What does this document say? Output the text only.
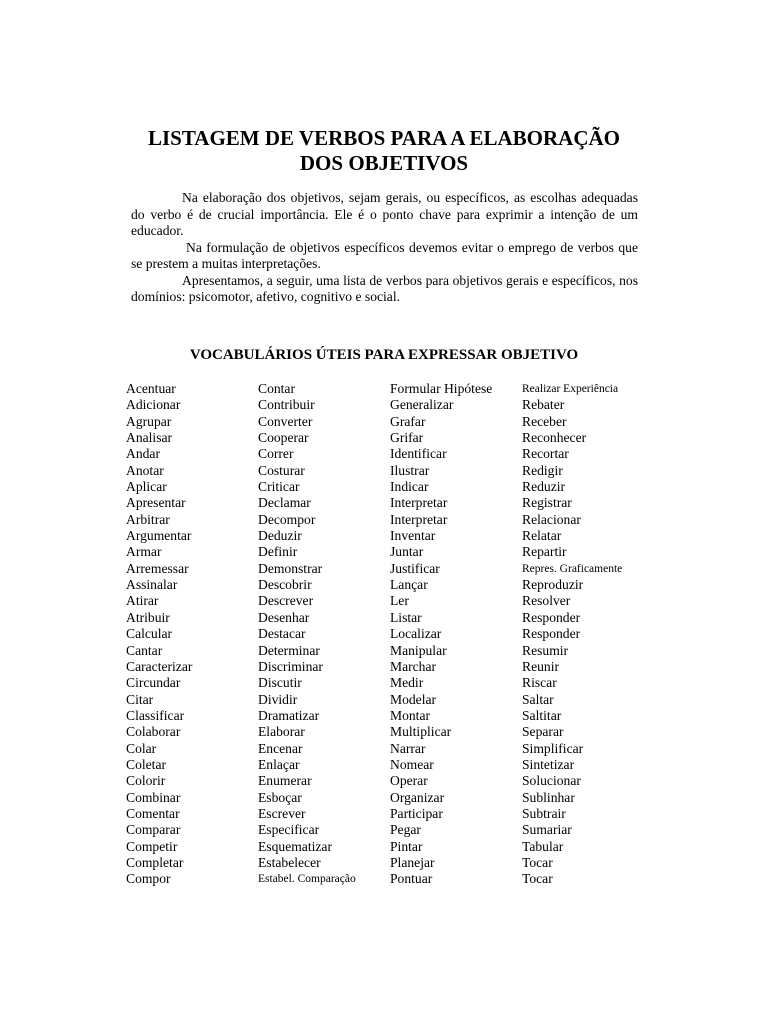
LISTAGEM DE VERBOS PARA A ELABORAÇÃO
DOS OBJETIVOS

Na elaboração dos objetivos, sejam gerais, ou específicos, as escolhas adequadas do verbo é de crucial importância. Ele é o ponto chave para exprimir a intenção de um educador.

Na formulação de objetivos específicos devemos evitar o emprego de verbos que se prestem a muitas interpretações.

Apresentamos, a seguir, uma lista de verbos para objetivos gerais e específicos, nos domínios: psicomotor, afetivo, cognitivo e social.

VOCABULÁRIOS ÚTEIS PARA EXPRESSAR OBJETIVO
Acentuar
Adicionar
Agrupar
Analisar
Andar
Anotar
Aplicar
Apresentar
Arbitrar
Argumentar
Armar
Arremessar
Assinalar
Atirar
Atribuir
Calcular
Cantar
Caracterizar
Circundar
Citar
Classificar
Colaborar
Colar
Coletar
Colorir
Combinar
Comentar
Comparar
Competir
Completar
Compor
Contar
Contribuir
Converter
Cooperar
Correr
Costurar
Criticar
Declamar
Decompor
Deduzir
Definir
Demonstrar
Descobrir
Descrever
Desenhar
Destacar
Determinar
Discriminar
Discutir
Dividir
Dramatizar
Elaborar
Encenar
Enlaçar
Enumerar
Esboçar
Escrever
Especificar
Esquematizar
Estabelecer
Estabel. Comparação
Formular Hipótese
Generalizar
Grafar
Grifar
Identificar
Ilustrar
Indicar
Interpretar
Interpretar
Inventar
Juntar
Justificar
Lançar
Ler
Listar
Localizar
Manipular
Marchar
Medir
Modelar
Montar
Multiplicar
Narrar
Nomear
Operar
Organizar
Participar
Pegar
Pintar
Planejar
Pontuar
Realizar Experiência
Rebater
Receber
Reconhecer
Recortar
Redigir
Reduzir
Registrar
Relacionar
Relatar
Repartir
Repres. Graficamente
Reproduzir
Resolver
Responder
Responder
Resumir
Reunir
Riscar
Saltar
Saltitar
Separar
Simplificar
Sintetizar
Solucionar
Sublinhar
Subtrair
Sumariar
Tabular
Tocar
Tocar
